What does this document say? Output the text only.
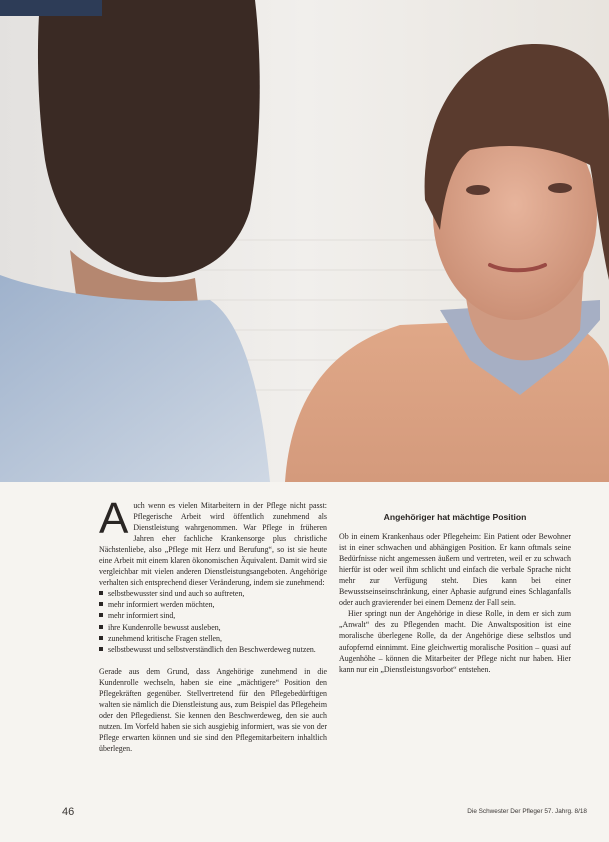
A uch wenn es vielen Mitarbeitern in der Pflege nicht passt: Pflegerische Arbeit wird öffentlich zunehmend als Dienstleistung wahrgenommen. War Pflege in früheren Jahren eher fachliche Krankensorge plus christliche Nächstenliebe, also „Pflege mit Herz und Berufung“, so ist sie heute eine Arbeit mit einem klaren ökonomischen Äquivalent. Damit wird sie vergleichbar mit vielen anderen Dienstleistungsangeboten. Angehörige verhalten sich entsprechend dieser Veränderung, indem sie zunehmend:

selbstbewusster sind und auch so auftreten,
mehr informiert werden möchten,
mehr informiert sind,
ihre Kundenrolle bewusst ausleben,
zunehmend kritische Fragen stellen,
selbstbewusst und selbstverständlich den Beschwerdeweg nutzen.

Gerade aus dem Grund, dass Angehörige zunehmend in die Kundenrolle wechseln, haben sie eine „mächtigere“ Position den Pflegekräften gegenüber. Stellvertretend für den Pflegebedürftigen walten sie nämlich die Dienstleistung aus, zum Beispiel das Pflegeheim oder den Pflegedienst. Sie kennen den Beschwerdeweg, den sie auch nutzen. Im Vorfeld haben sie sich ausgiebig informiert, was sie von der Pflege erwarten können und sie sind den Pflegemitarbeitern inhaltlich überlegen.

Angehöriger hat mächtige Position

Ob in einem Krankenhaus oder Pflegeheim: Ein Patient oder Bewohner ist in einer schwachen und abhängigen Position. Er kann oftmals seine Bedürfnisse nicht angemessen äußern und vertreten, weil er zu schwach hierfür ist oder weil ihm schlicht und einfach die verbale Sprache nicht mehr zur Verfügung steht. Dies kann bei einer Bewusstseinseinschränkung, einer Aphasie aufgrund eines Schlaganfalls oder auch gravierender bei einem Demenz der Fall sein.

Hier springt nun der Angehörige in diese Rolle, in dem er sich zum „Anwalt“ des zu Pflegenden macht. Die Anwaltsposition ist eine moralische überlegene Rolle, da der Angehörige diese selbstlos und aufopfernd einnimmt. Eine gleichwertig moralische Position – quasi auf Augenhöhe – können die Mitarbeiter der Pflege nicht nur haben. Hier kann nur ein „Dienstleistungsvorbot“ entstehen.

46	Die Schwester Der Pfleger 57. Jahrg. 8/18
